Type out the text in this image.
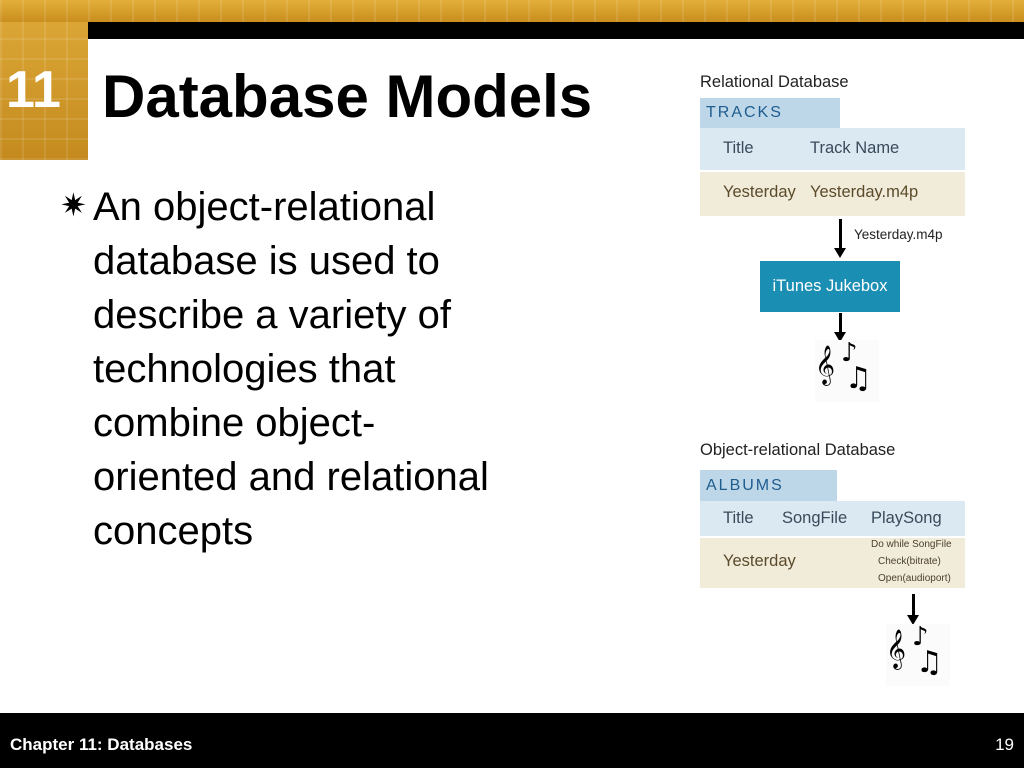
11 Database Models
✷ An object-relational database is used to describe a variety of technologies that combine object-oriented and relational concepts

Relational Database
TRACKS
Title	Track Name
Yesterday Yesterday.m4p
Yesterday.m4p
iTunes Jukebox
𝄞 ♪
♫
Object-relational Database
ALBUMS
Title SongFile PlaySong
Yesterday
Do while SongFile
Check(bitrate)
Open(audioport)
𝄞 ♪
♫
Chapter 11: Databases	19
